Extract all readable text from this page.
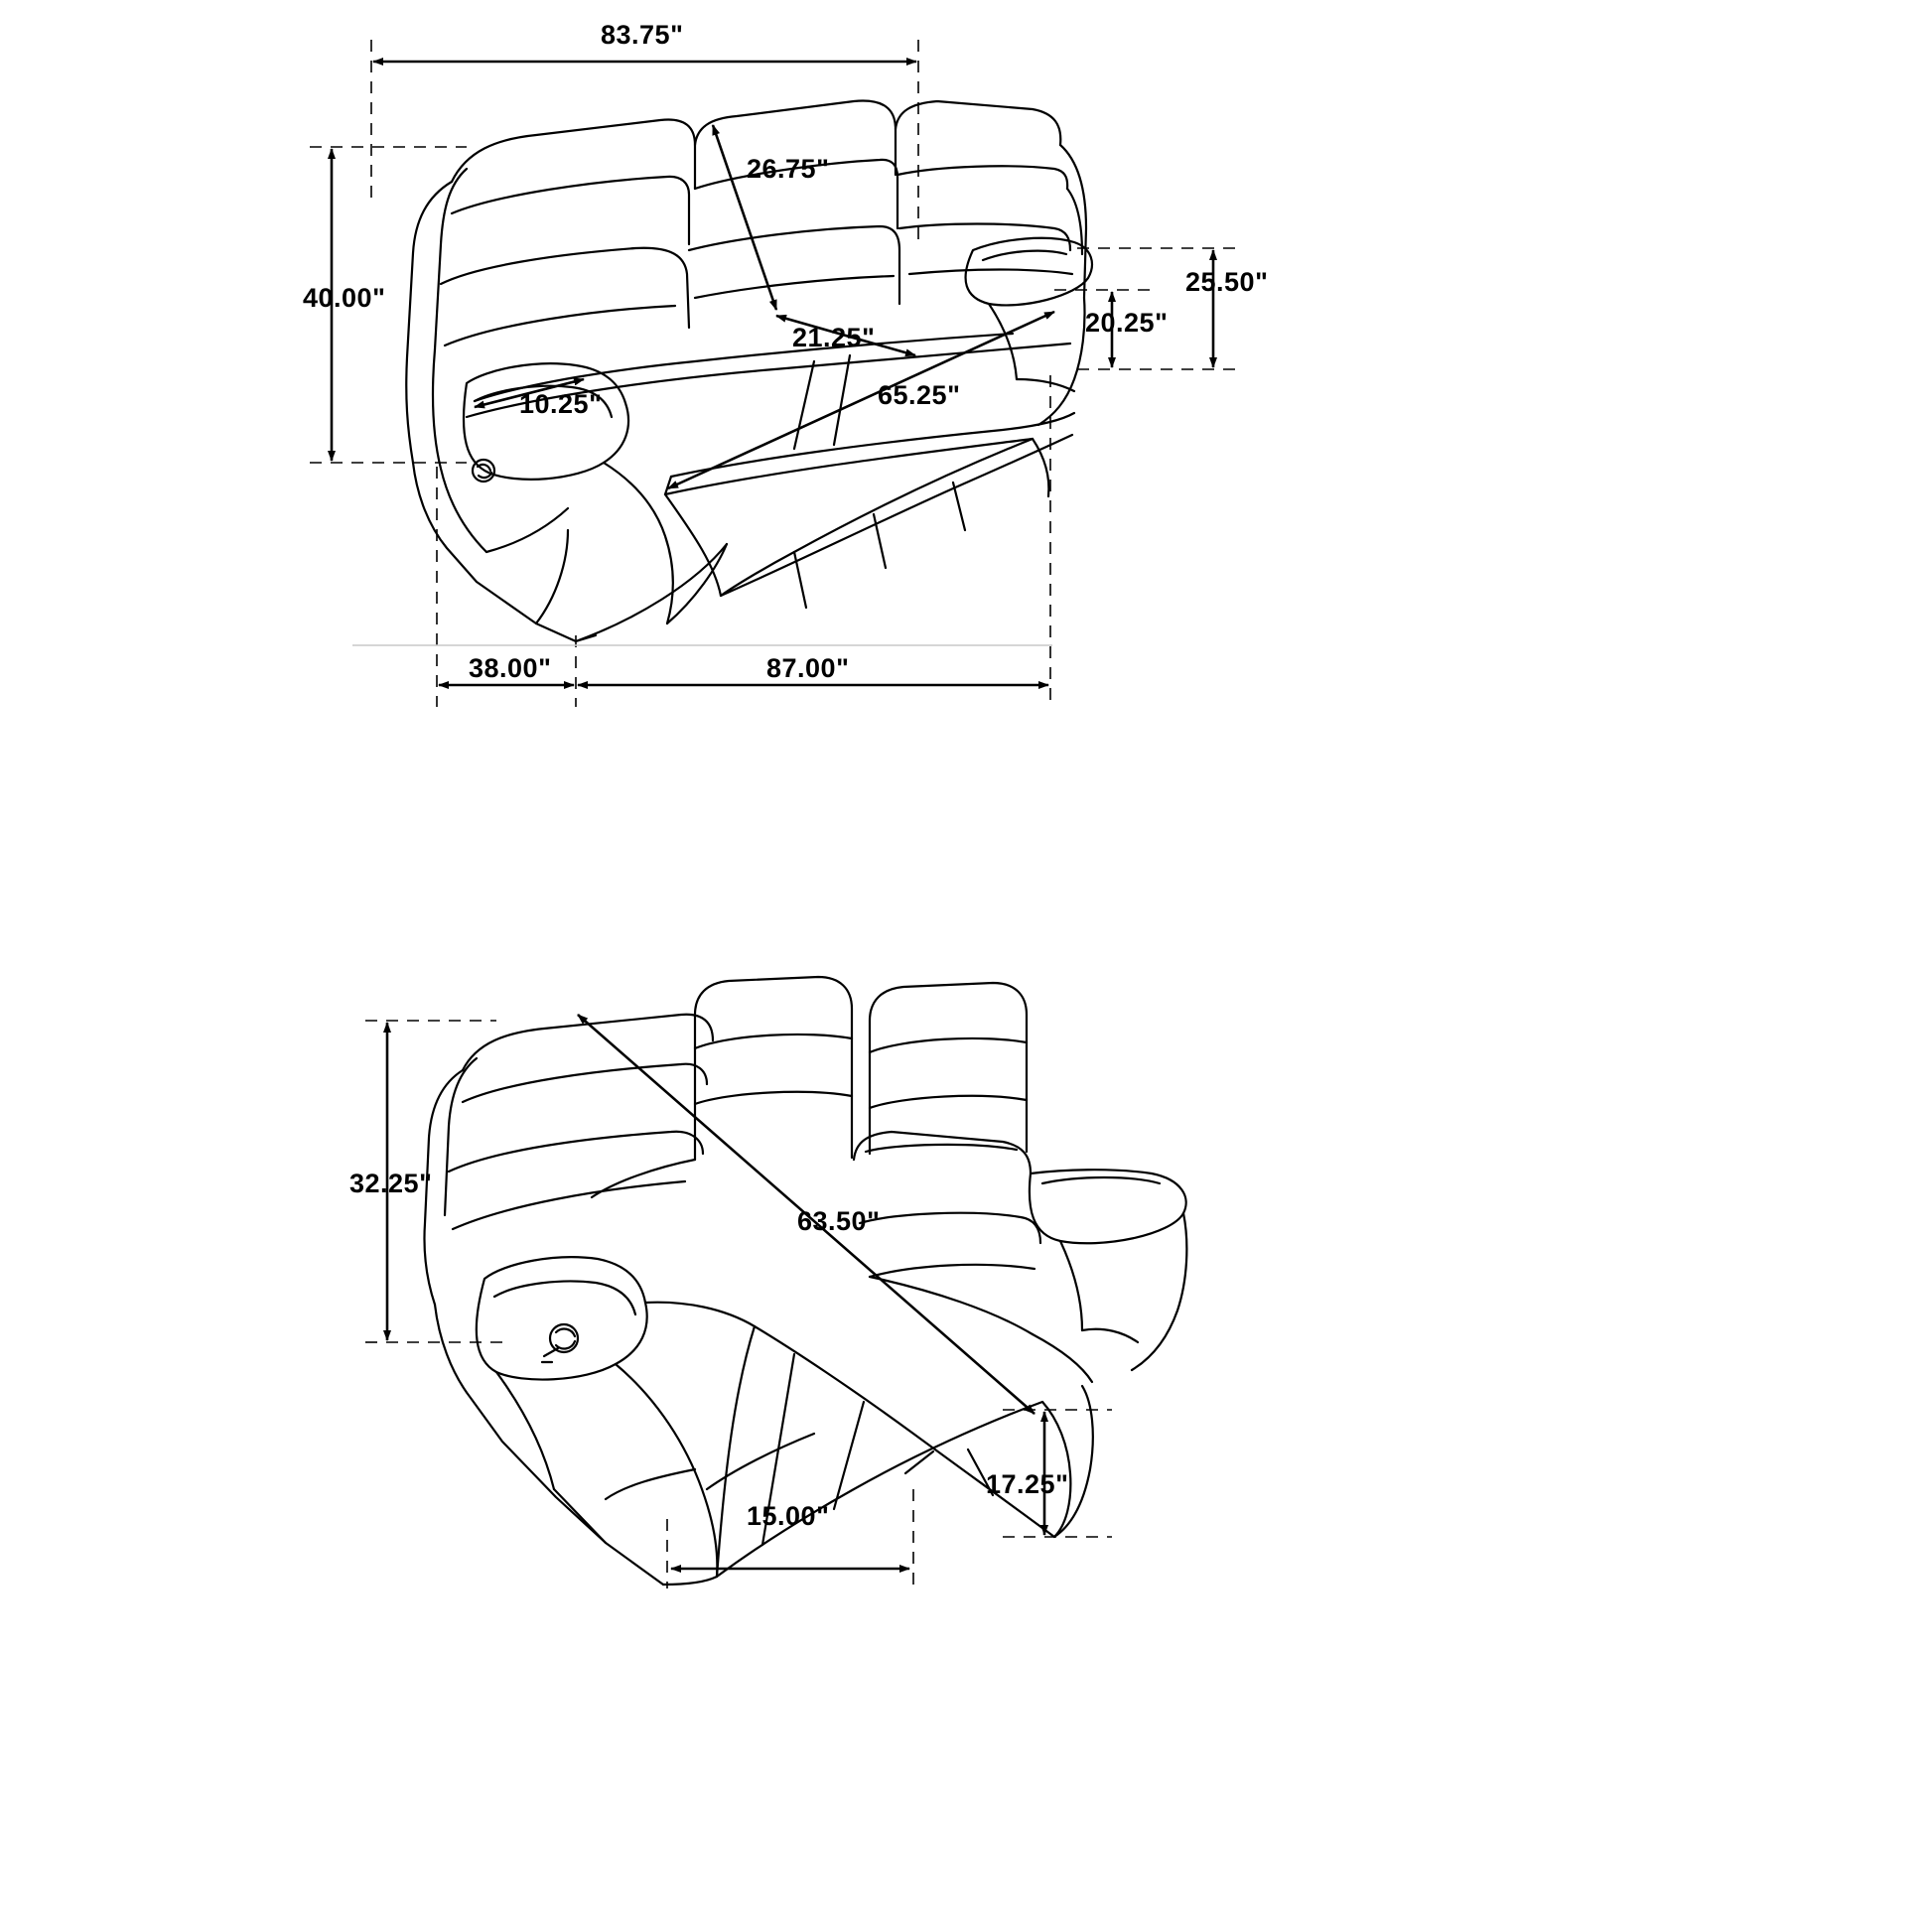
83.75"
40.00"
26.75"
21.25"
10.25"	65.25"
25.50"
20.25"
38.00"	87.00"
32.25"
63.50"
17.25"
15.00"
